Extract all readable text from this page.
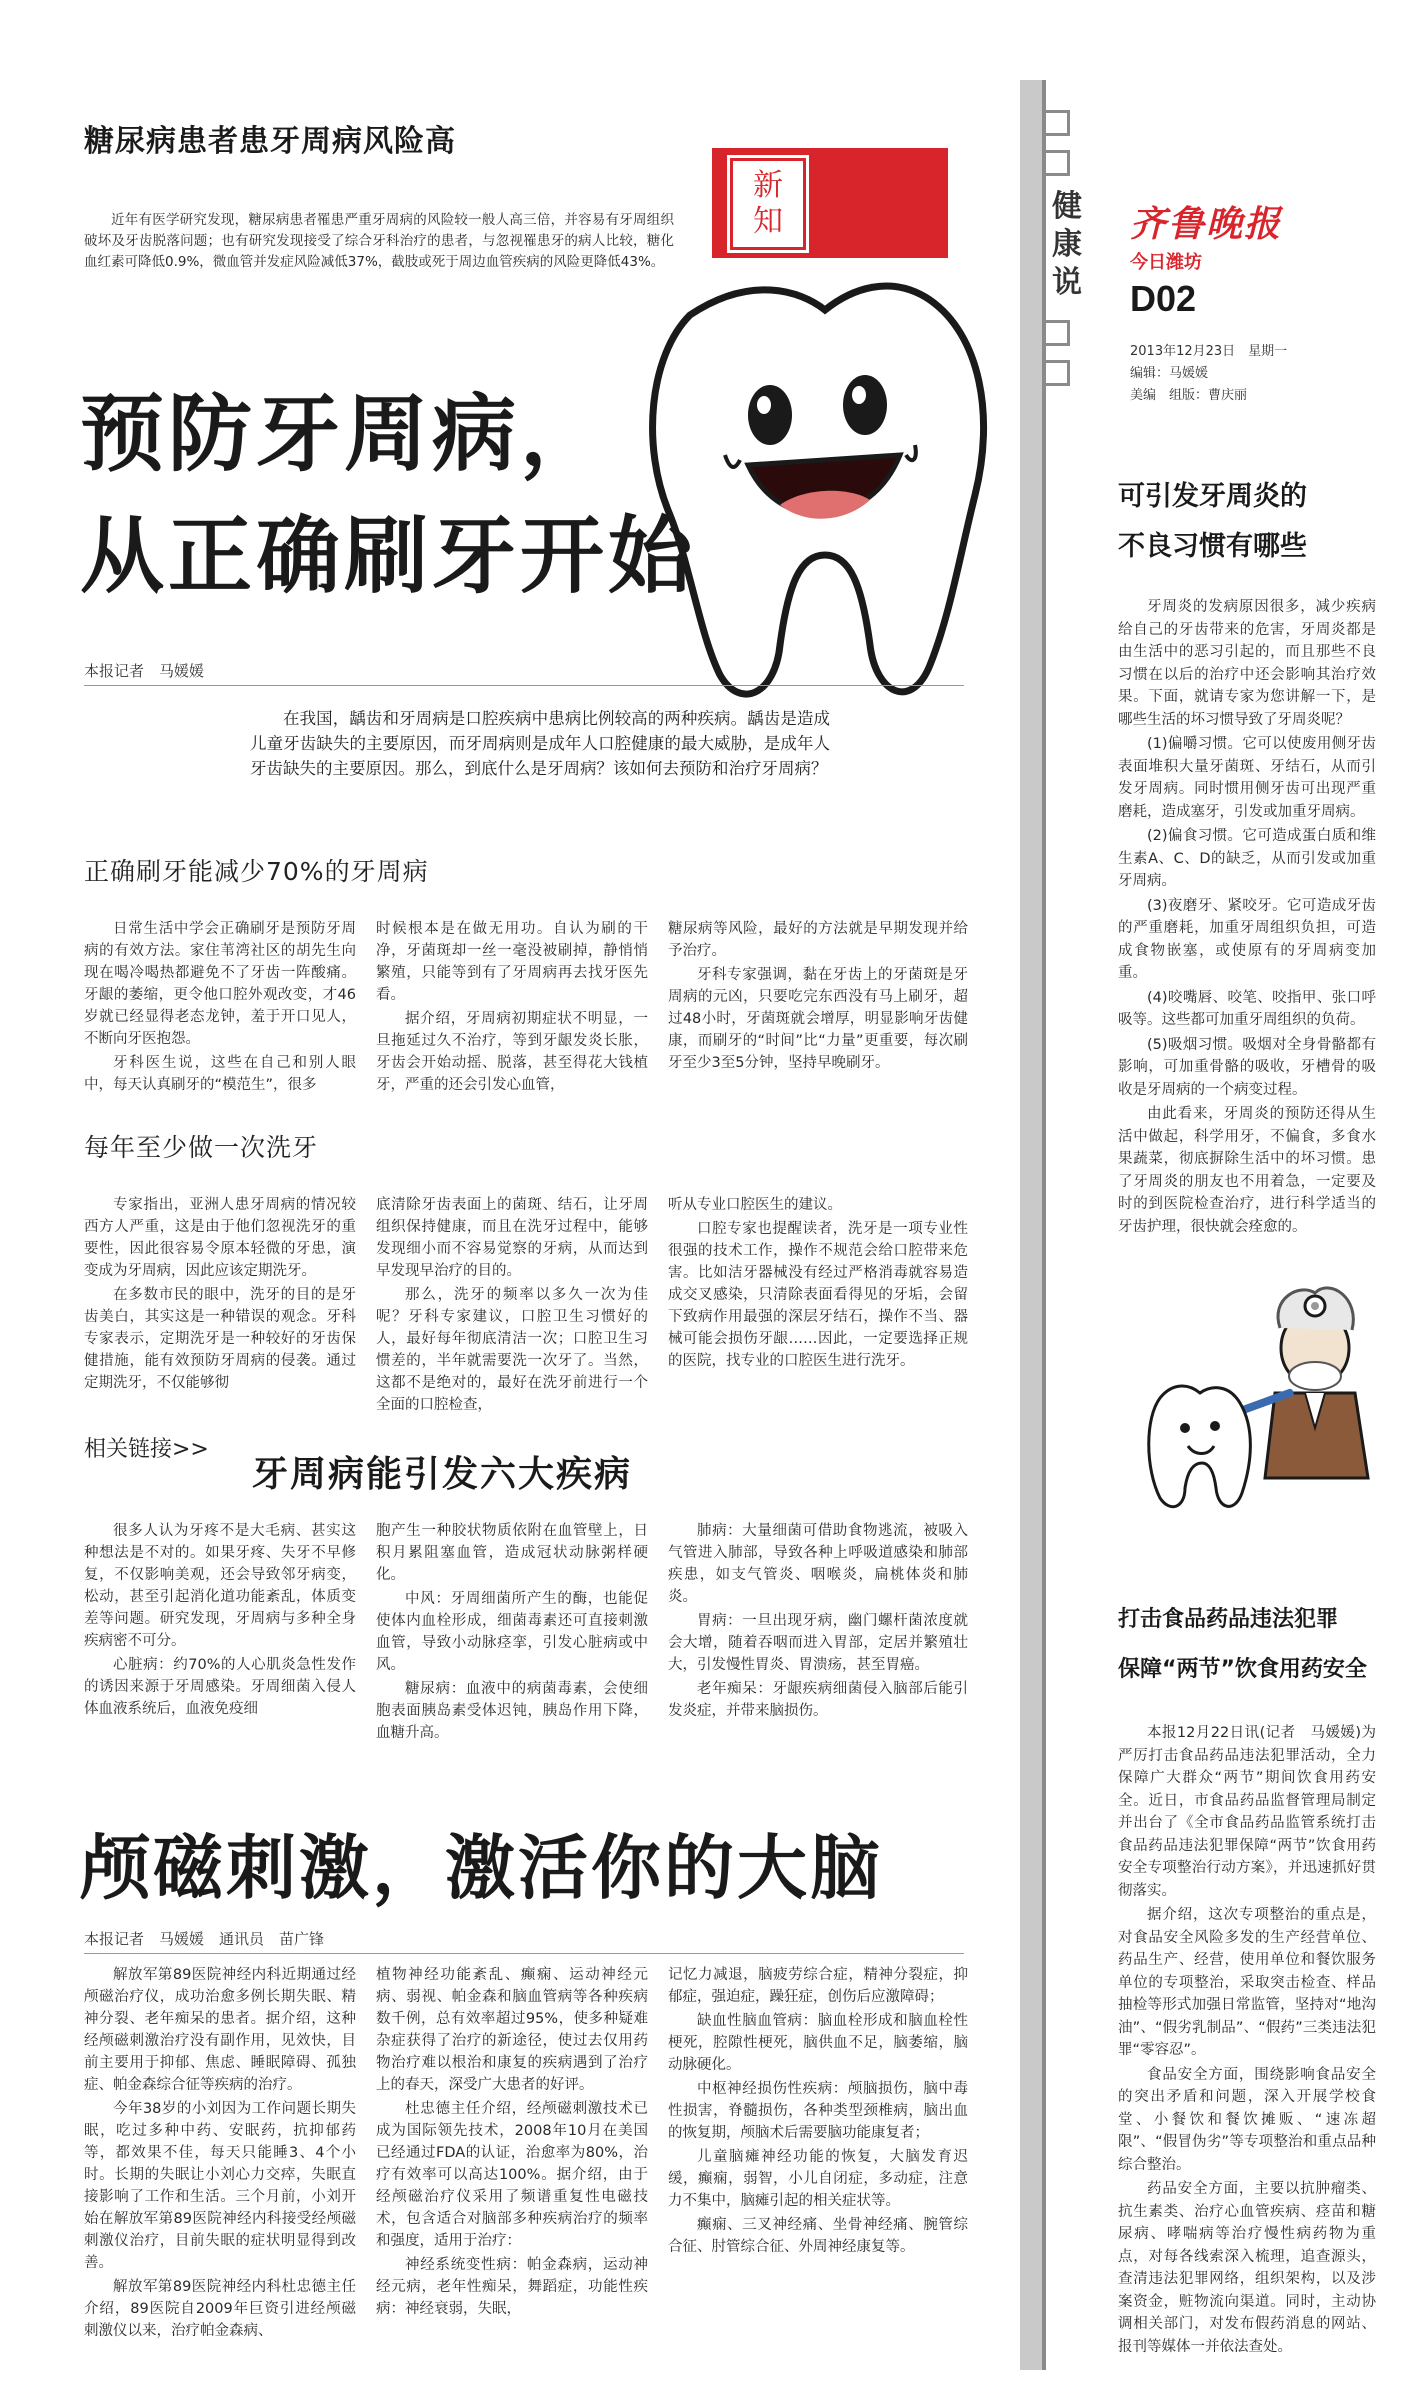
糖尿病患者患牙周病风险高
近年有医学研究发现，糖尿病患者罹患严重牙周病的风险较一般人高三倍，并容易有牙周组织破坏及牙齿脱落问题；也有研究发现接受了综合牙科治疗的患者，与忽视罹患牙的病人比较，糖化血红素可降低0.9%，微血管并发症风险减低37%，截肢或死于周边血管疾病的风险更降低43%。
新知
预防牙周病，
从正确刷牙开始
本报记者　马媛媛
在我国，龋齿和牙周病是口腔疾病中患病比例较高的两种疾病。龋齿是造成儿童牙齿缺失的主要原因，而牙周病则是成年人口腔健康的最大威胁，是成年人牙齿缺失的主要原因。那么，到底什么是牙周病？该如何去预防和治疗牙周病？
正确刷牙能减少70%的牙周病

日常生活中学会正确刷牙是预防牙周病的有效方法。家住苇湾社区的胡先生向现在喝冷喝热都避免不了牙齿一阵酸痛。牙龈的萎缩，更令他口腔外观改变，才46岁就已经显得老态龙钟，羞于开口见人，不断向牙医抱怨。

牙科医生说，这些在自己和别人眼中，每天认真刷牙的“模范生”，很多

时候根本是在做无用功。自认为刷的干净，牙菌斑却一丝一毫没被刷掉，静悄悄繁殖，只能等到有了牙周病再去找牙医先看。

据介绍，牙周病初期症状不明显，一旦拖延过久不治疗，等到牙龈发炎长胀，牙齿会开始动摇、脱落，甚至得花大钱植牙，严重的还会引发心血管，

糖尿病等风险，最好的方法就是早期发现并给予治疗。

牙科专家强调，黏在牙齿上的牙菌斑是牙周病的元凶，只要吃完东西没有马上刷牙，超过48小时，牙菌斑就会增厚，明显影响牙齿健康，而刷牙的“时间”比“力量”更重要，每次刷牙至少3至5分钟，坚持早晚刷牙。

每年至少做一次洗牙

专家指出，亚洲人患牙周病的情况较西方人严重，这是由于他们忽视洗牙的重要性，因此很容易令原本轻微的牙患，演变成为牙周病，因此应该定期洗牙。

在多数市民的眼中，洗牙的目的是牙齿美白，其实这是一种错误的观念。牙科专家表示，定期洗牙是一种较好的牙齿保健措施，能有效预防牙周病的侵袭。通过定期洗牙，不仅能够彻

底清除牙齿表面上的菌斑、结石，让牙周组织保持健康，而且在洗牙过程中，能够发现细小而不容易觉察的牙病，从而达到早发现早治疗的目的。

那么，洗牙的频率以多久一次为佳呢？牙科专家建议，口腔卫生习惯好的人，最好每年彻底清洁一次；口腔卫生习惯差的，半年就需要洗一次牙了。当然，这都不是绝对的，最好在洗牙前进行一个全面的口腔检查，

听从专业口腔医生的建议。

口腔专家也提醒读者，洗牙是一项专业性很强的技术工作，操作不规范会给口腔带来危害。比如洁牙器械没有经过严格消毒就容易造成交叉感染，只清除表面看得见的牙垢，会留下致病作用最强的深层牙结石，操作不当、器械可能会损伤牙龈……因此，一定要选择正规的医院，找专业的口腔医生进行洗牙。

相关链接>>
牙周病能引发六大疾病

很多人认为牙疼不是大毛病、甚实这种想法是不对的。如果牙疼、失牙不早修复，不仅影响美观，还会导致邻牙病变，松动，甚至引起消化道功能紊乱，体质变差等问题。研究发现，牙周病与多种全身疾病密不可分。

心脏病：约70%的人心肌炎急性发作的诱因来源于牙周感染。牙周细菌入侵人体血液系统后，血液免疫细

胞产生一种胶状物质依附在血管壁上，日积月累阻塞血管，造成冠状动脉粥样硬化。

中风：牙周细菌所产生的酶，也能促使体内血栓形成，细菌毒素还可直接刺激血管，导致小动脉痉挛，引发心脏病或中风。

糖尿病：血液中的病菌毒素，会使细胞表面胰岛素受体迟钝，胰岛作用下降，血糖升高。

肺病：大量细菌可借助食物逃流，被吸入气管进入肺部，导致各种上呼吸道感染和肺部疾患，如支气管炎、咽喉炎，扁桃体炎和肺炎。

胃病：一旦出现牙病，幽门螺杆菌浓度就会大增，随着吞咽而进入胃部，定居并繁殖壮大，引发慢性胃炎、胃溃疡，甚至胃癌。

老年痴呆：牙龈疾病细菌侵入脑部后能引发炎症，并带来脑损伤。

颅磁刺激，激活你的大脑
本报记者　马媛媛　通讯员　苗广锋

解放军第89医院神经内科近期通过经颅磁治疗仪，成功治愈多例长期失眠、精神分裂、老年痴呆的患者。据介绍，这种经颅磁刺激治疗没有副作用，见效快，目前主要用于抑郁、焦虑、睡眠障碍、孤独症、帕金森综合征等疾病的治疗。

今年38岁的小刘因为工作问题长期失眠，吃过多种中药、安眠药，抗抑郁药等，都效果不佳，每天只能睡3、4个小时。长期的失眠让小刘心力交瘁，失眠直接影响了工作和生活。三个月前，小刘开始在解放军第89医院神经内科接受经颅磁刺激仪治疗，目前失眠的症状明显得到改善。

解放军第89医院神经内科杜忠德主任介绍，89医院自2009年巨资引进经颅磁刺激仪以来，治疗帕金森病、

植物神经功能紊乱、癫痫、运动神经元病、弱视、帕金森和脑血管病等各种疾病数千例，总有效率超过95%，使多种疑难杂症获得了治疗的新途径，使过去仅用药物治疗难以根治和康复的疾病遇到了治疗上的春天，深受广大患者的好评。

杜忠德主任介绍，经颅磁刺激技术已成为国际领先技术，2008年10月在美国已经通过FDA的认证，治愈率为80%，治疗有效率可以高达100%。据介绍，由于经颅磁治疗仪采用了频谱重复性电磁技术，包含适合对脑部多种疾病治疗的频率和强度，适用于治疗：

神经系统变性病：帕金森病，运动神经元病，老年性痴呆，舞蹈症，功能性疾病：神经衰弱，失眠，

记忆力减退，脑疲劳综合症，精神分裂症，抑郁症，强迫症，躁狂症，创伤后应激障碍；

缺血性脑血管病：脑血栓形成和脑血栓性梗死，腔隙性梗死，脑供血不足，脑萎缩，脑动脉硬化。

中枢神经损伤性疾病：颅脑损伤，脑中毒性损害，脊髓损伤，各种类型颈椎病，脑出血的恢复期，颅脑术后需要脑功能康复者；

儿童脑瘫神经功能的恢复，大脑发育迟缓，癫痫，弱智，小儿自闭症，多动症，注意力不集中，脑瘫引起的相关症状等。

癫痫、三叉神经痛、坐骨神经痛、腕管综合征、肘管综合征、外周神经康复等。

健康说
齐鲁晚报
今日潍坊
D02
2013年12月23日　星期一
编辑：马媛媛
美编　组版：曹庆丽
可引发牙周炎的
不良习惯有哪些

牙周炎的发病原因很多，减少疾病给自己的牙齿带来的危害，牙周炎都是由生活中的恶习引起的，而且那些不良习惯在以后的治疗中还会影响其治疗效果。下面，就请专家为您讲解一下，是哪些生活的坏习惯导致了牙周炎呢？

(1)偏嚼习惯。它可以使废用侧牙齿表面堆积大量牙菌斑、牙结石，从而引发牙周病。同时惯用侧牙齿可出现严重磨耗，造成塞牙，引发或加重牙周病。

(2)偏食习惯。它可造成蛋白质和维生素A、C、D的缺乏，从而引发或加重牙周病。

(3)夜磨牙、紧咬牙。它可造成牙齿的严重磨耗，加重牙周组织负担，可造成食物嵌塞，或使原有的牙周病变加重。

(4)咬嘴唇、咬笔、咬指甲、张口呼吸等。这些都可加重牙周组织的负荷。

(5)吸烟习惯。吸烟对全身骨骼都有影响，可加重骨骼的吸收，牙槽骨的吸收是牙周病的一个病变过程。

由此看来，牙周炎的预防还得从生活中做起，科学用牙，不偏食，多食水果蔬菜，彻底摒除生活中的坏习惯。患了牙周炎的朋友也不用着急，一定要及时的到医院检查治疗，进行科学适当的牙齿护理，很快就会痊愈的。

打击食品药品违法犯罪
保障“两节”饮食用药安全

本报12月22日讯(记者　马媛媛)为严厉打击食品药品违法犯罪活动，全力保障广大群众“两节”期间饮食用药安全。近日，市食品药品监督管理局制定并出台了《全市食品药品监管系统打击食品药品违法犯罪保障“两节”饮食用药安全专项整治行动方案》，并迅速抓好贯彻落实。

据介绍，这次专项整治的重点是，对食品安全风险多发的生产经营单位、药品生产、经营，使用单位和餐饮服务单位的专项整治，采取突击检查、样品抽检等形式加强日常监管，坚持对“地沟油”、“假劣乳制品”、“假药”三类违法犯罪“零容忍”。

食品安全方面，围绕影响食品安全的突出矛盾和问题，深入开展学校食堂、小餐饮和餐饮摊贩、“速冻超限”、“假冒伪劣”等专项整治和重点品种综合整治。

药品安全方面，主要以抗肿瘤类、抗生素类、治疗心血管疾病、痉苗和糖尿病、哮喘病等治疗慢性病药物为重点，对每各线索深入梳理，追查源头，查清违法犯罪网络，组织架构，以及涉案资金，赃物流向渠道。同时，主动协调相关部门，对发布假药消息的网站、报刊等媒体一并依法查处。
